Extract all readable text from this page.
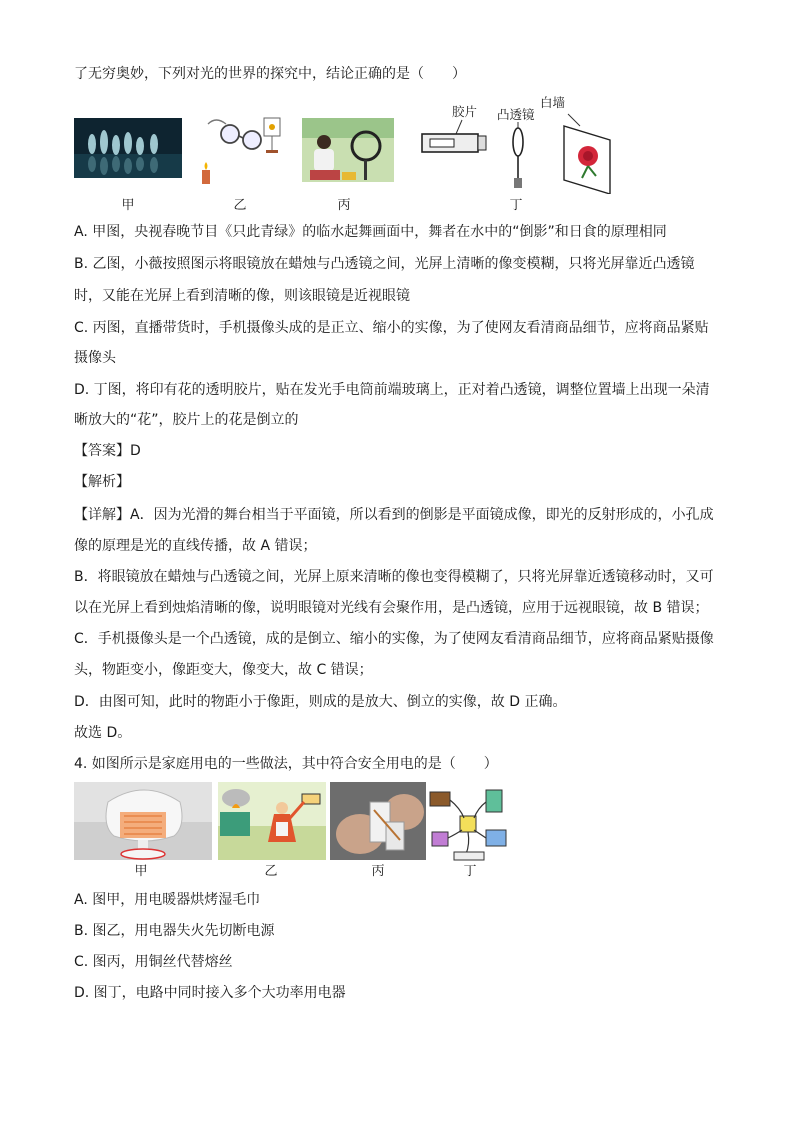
了无穷奥妙，下列对光的世界的探究中，结论正确的是（　　）
甲	乙	丙
胶片 凸透镜
白墙
丁
A. 甲图，央视春晚节目《只此青绿》的临水起舞画面中，舞者在水中的“倒影”和日食的原理相同
B. 乙图，小薇按照图示将眼镜放在蜡烛与凸透镜之间，光屏上清晰的像变模糊，只将光屏靠近凸透镜
时，又能在光屏上看到清晰的像，则该眼镜是近视眼镜
C. 丙图，直播带货时，手机摄像头成的是正立、缩小的实像，为了使网友看清商品细节，应将商品紧贴
摄像头
D. 丁图，将印有花的透明胶片，贴在发光手电筒前端玻璃上，正对着凸透镜，调整位置墙上出现一朵清
晰放大的“花”，胶片上的花是倒立的
【答案】D
【解析】
【详解】A．因为光滑的舞台相当于平面镜，所以看到的倒影是平面镜成像，即光的反射形成的，小孔成
像的原理是光的直线传播，故 A 错误；
B．将眼镜放在蜡烛与凸透镜之间，光屏上原来清晰的像也变得模糊了，只将光屏靠近透镜移动时，又可
以在光屏上看到烛焰清晰的像，说明眼镜对光线有会聚作用，是凸透镜，应用于远视眼镜，故 B 错误；
C．手机摄像头是一个凸透镜，成的是倒立、缩小的实像，为了使网友看清商品细节，应将商品紧贴摄像
头，物距变小，像距变大，像变大，故 C 错误；
D．由图可知，此时的物距小于像距，则成的是放大、倒立的实像，故 D 正确。
故选 D。
4. 如图所示是家庭用电的一些做法，其中符合安全用电的是（　　）
甲	乙	丙	丁
A. 图甲，用电暖器烘烤湿毛巾
B. 图乙，用电器失火先切断电源
C. 图丙，用铜丝代替熔丝
D. 图丁，电路中同时接入多个大功率用电器
